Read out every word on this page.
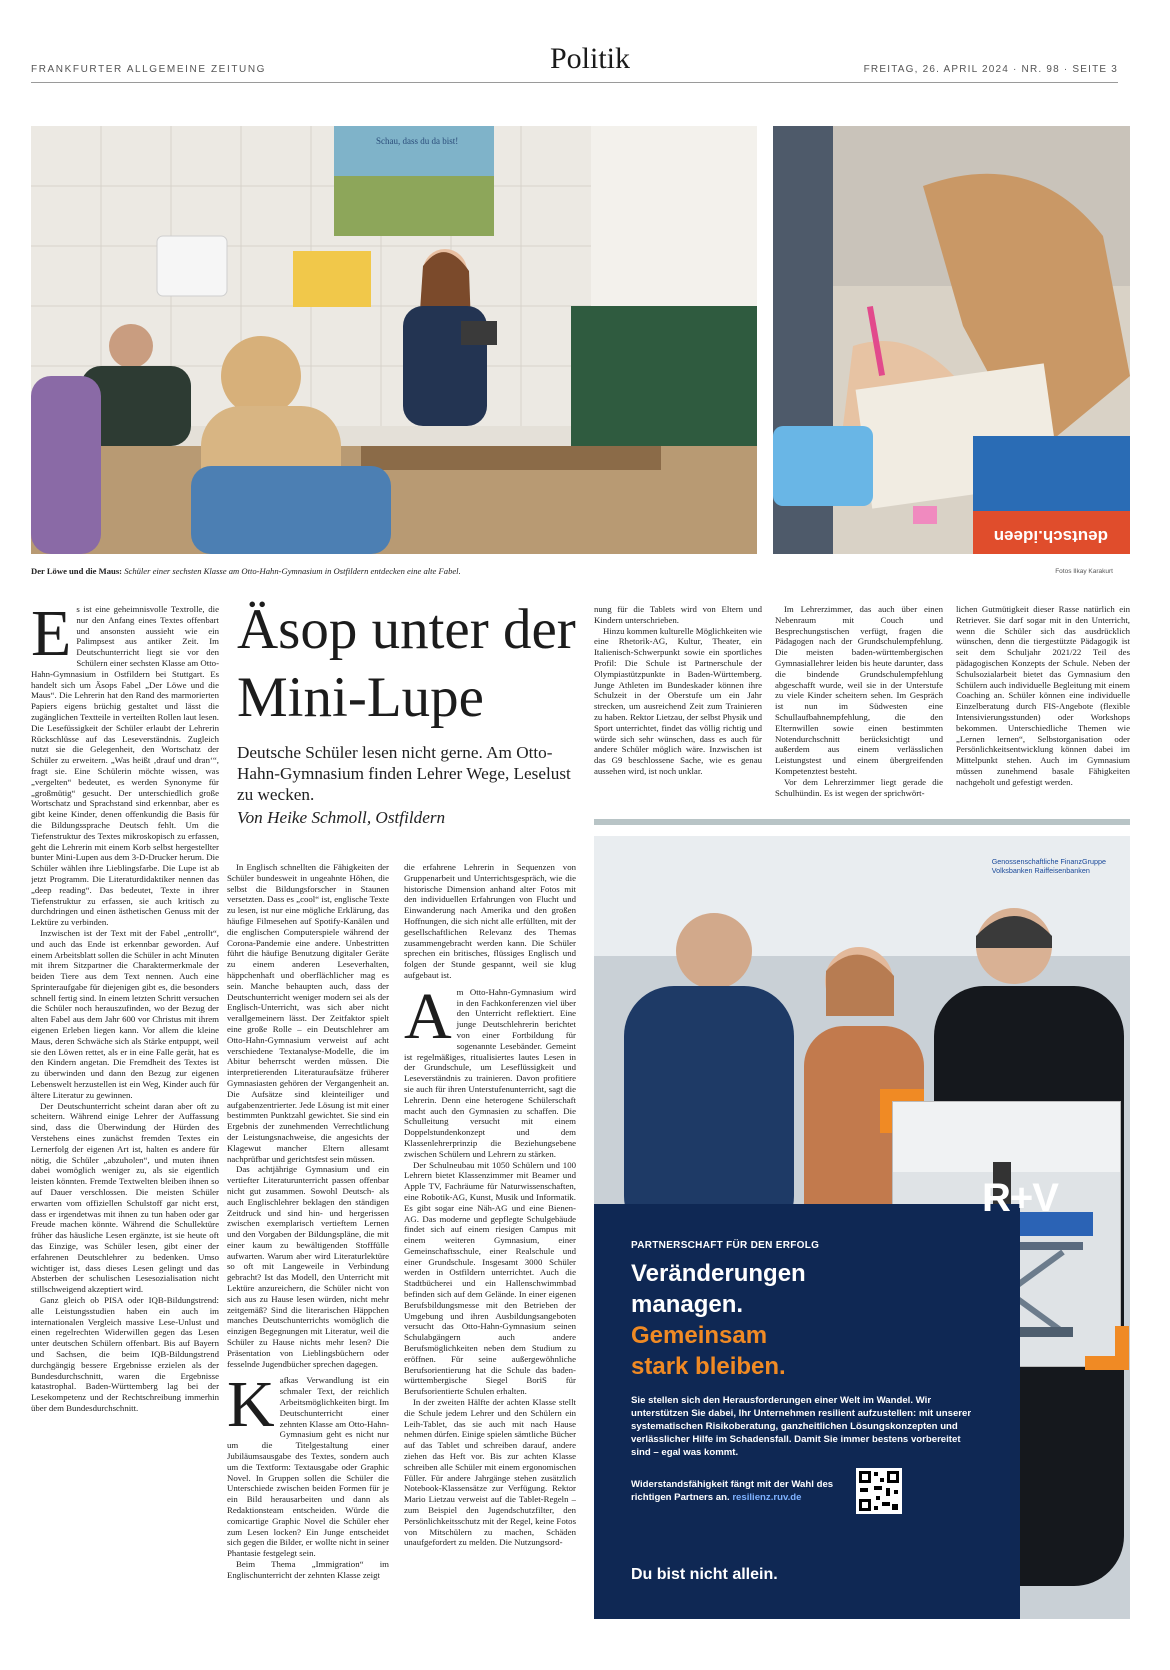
FRANKFURTER ALLGEMEINE ZEITUNG	Politik	FREITAG, 26. APRIL 2024 · NR. 98 · SEITE 3
Schau, dass du da bist!
deutsch.ideen
Der Löwe und die Maus: Schüler einer sechsten Klasse am Otto-Hahn-Gymnasium in Ostfildern entdecken eine alte Fabel.	Fotos Ilkay Karakurt
Äsop unter der Mini-Lupe
Deutsche Schüler lesen nicht gerne. Am Otto-Hahn-Gymnasium finden Lehrer Wege, Leselust zu wecken.
Von Heike Schmoll, Ostfildern

Es ist eine geheimnisvolle Textrolle, die nur den Anfang eines Textes offenbart und ansonsten aussieht wie ein Palimpsest aus antiker Zeit. Im Deutschunterricht liegt sie vor den Schülern einer sechsten Klasse am Otto-Hahn-Gymnasium in Ostfildern bei Stuttgart. Es handelt sich um Äsops Fabel „Der Löwe und die Maus“. Die Lehrerin hat den Rand des marmorierten Papiers eigens brüchig gestaltet und lässt die zugänglichen Textteile in verteilten Rollen laut lesen. Die Lesefüssigkeit der Schüler erlaubt der Lehrerin Rückschlüsse auf das Leseverständnis. Zugleich nutzt sie die Gelegenheit, den Wortschatz der Schüler zu erweitern. „Was heißt ‚drauf und dran‘“, fragt sie. Eine Schülerin möchte wissen, was „vergelten“ bedeutet, es werden Synonyme für „großmütig“ gesucht. Der unterschiedlich große Wortschatz und Sprachstand sind erkennbar, aber es gibt keine Kinder, denen offenkundig die Basis für die Bildungssprache Deutsch fehlt. Um die Tiefenstruktur des Textes mikroskopisch zu erfassen, geht die Lehrerin mit einem Korb selbst hergestellter bunter Mini-Lupen aus dem 3-D-Drucker herum. Die Schüler wählen ihre Lieblingsfarbe. Die Lupe ist ab jetzt Programm. Die Literaturdidaktiker nennen das „deep reading“. Das bedeutet, Texte in ihrer Tiefenstruktur zu erfassen, sie auch kritisch zu durchdringen und einen ästhetischen Genuss mit der Lektüre zu verbinden.

Inzwischen ist der Text mit der Fabel „entrollt“, und auch das Ende ist erkennbar geworden. Auf einem Arbeitsblatt sollen die Schüler in acht Minuten mit ihrem Sitzpartner die Charaktermerkmale der beiden Tiere aus dem Text nennen. Auch eine Sprinteraufgabe für diejenigen gibt es, die besonders schnell fertig sind. In einem letzten Schritt versuchen die Schüler noch herauszufinden, wo der Bezug der alten Fabel aus dem Jahr 600 vor Christus mit ihrem eigenen Erleben liegen kann. Vor allem die kleine Maus, deren Schwäche sich als Stärke entpuppt, weil sie den Löwen rettet, als er in eine Falle gerät, hat es den Kindern angetan. Die Fremdheit des Textes ist zu überwinden und dann den Bezug zur eigenen Lebenswelt herzustellen ist ein Weg, Kinder auch für ältere Literatur zu gewinnen.

Der Deutschunterricht scheint daran aber oft zu scheitern. Während einige Lehrer der Auffassung sind, dass die Überwindung der Hürden des Verstehens eines zunächst fremden Textes ein Lernerfolg der eigenen Art ist, halten es andere für nötig, die Schüler „abzuholen“, und muten ihnen dabei womöglich weniger zu, als sie eigentlich leisten könnten. Fremde Textwelten bleiben ihnen so auf Dauer verschlossen. Die meisten Schüler erwarten vom offiziellen Schulstoff gar nicht erst, dass er irgendetwas mit ihnen zu tun haben oder gar Freude machen könnte. Während die Schullektüre früher das häusliche Lesen ergänzte, ist sie heute oft das Einzige, was Schüler lesen, gibt einer der erfahrenen Deutschlehrer zu bedenken. Umso wichtiger ist, dass dieses Lesen gelingt und das Absterben der schulischen Lesesozialisation nicht stillschweigend akzeptiert wird.

Ganz gleich ob PISA oder IQB-Bildungstrend: alle Leistungsstudien haben ein auch im internationalen Vergleich massive Lese-Unlust und einen regelrechten Widerwillen gegen das Lesen unter deutschen Schülern offenbart. Bis auf Bayern und Sachsen, die beim IQB-Bildungstrend durchgängig bessere Ergebnisse erzielen als der Bundesdurchschnitt, waren die Ergebnisse katastrophal. Baden-Württemberg lag bei der Lesekompetenz und der Rechtschreibung immerhin über dem Bundesdurchschnitt.

In Englisch schnellten die Fähigkeiten der Schüler bundesweit in ungeahnte Höhen, die selbst die Bildungsforscher in Staunen versetzten. Dass es „cool“ ist, englische Texte zu lesen, ist nur eine mögliche Erklärung, das häufige Filmesehen auf Spotify-Kanälen und die englischen Computerspiele während der Corona-Pandemie eine andere. Unbestritten führt die häufige Benutzung digitaler Geräte zu einem anderen Leseverhalten, häppchenhaft und oberflächlicher mag es sein. Manche behaupten auch, dass der Deutschunterricht weniger modern sei als der Englisch-Unterricht, was sich aber nicht verallgemeinern lässt. Der Zeitfaktor spielt eine große Rolle – ein Deutschlehrer am Otto-Hahn-Gymnasium verweist auf acht verschiedene Textanalyse-Modelle, die im Abitur beherrscht werden müssen. Die interpretierenden Literaturaufsätze früherer Gymnasiasten gehören der Vergangenheit an. Die Aufsätze sind kleinteiliger und aufgabenzentrierter. Jede Lösung ist mit einer bestimmten Punktzahl gewichtet. Sie sind ein Ergebnis der zunehmenden Verrechtlichung der Leistungsnachweise, die angesichts der Klagewut mancher Eltern allesamt nachprüfbar und gerichtsfest sein müssen.

Das achtjährige Gymnasium und ein vertiefter Literaturunterricht passen offenbar nicht gut zusammen. Sowohl Deutsch- als auch Englischlehrer beklagen den ständigen Zeitdruck und sind hin- und hergerissen zwischen exemplarisch vertieftem Lernen und den Vorgaben der Bildungspläne, die mit einer kaum zu bewältigenden Stofffülle aufwarten. Warum aber wird Literaturlektüre so oft mit Langeweile in Verbindung gebracht? Ist das Modell, den Unterricht mit Lektüre anzureichern, die Schüler nicht von sich aus zu Hause lesen würden, nicht mehr zeitgemäß? Sind die literarischen Häppchen manches Deutschunterrichts womöglich die einzigen Begegnungen mit Literatur, weil die Schüler zu Hause nichts mehr lesen? Die Präsentation von Lieblingsbüchern oder fesselnde Jugendbücher sprechen dagegen.

Kafkas Verwandlung ist ein schmaler Text, der reichlich Arbeitsmöglichkeiten birgt. Im Deutschunterricht einer zehnten Klasse am Otto-Hahn-Gymnasium geht es nicht nur um die Titelgestaltung einer Jubiläumsausgabe des Textes, sondern auch um die Textform: Textausgabe oder Graphic Novel. In Gruppen sollen die Schüler die Unterschiede zwischen beiden Formen für je ein Bild herausarbeiten und dann als Redaktionsteam entscheiden. Würde die comicartige Graphic Novel die Schüler eher zum Lesen locken? Ein Junge entscheidet sich gegen die Bilder, er wollte nicht in seiner Phantasie festgelegt sein.

Beim Thema „Immigration“ im Englischunterricht der zehnten Klasse zeigt

die erfahrene Lehrerin in Sequenzen von Gruppenarbeit und Unterrichtsgespräch, wie die historische Dimension anhand alter Fotos mit den individuellen Erfahrungen von Flucht und Einwanderung nach Amerika und den großen Hoffnungen, die sich nicht alle erfüllten, mit der gesellschaftlichen Relevanz des Themas zusammengebracht werden kann. Die Schüler sprechen ein britisches, flüssiges Englisch und folgen der Stunde gespannt, weil sie klug aufgebaut ist.

Am Otto-Hahn-Gymnasium wird in den Fachkonferenzen viel über den Unterricht reflektiert. Eine junge Deutschlehrerin berichtet von einer Fortbildung für sogenannte Lesebänder. Gemeint ist regelmäßiges, ritualisiertes lautes Lesen in der Grundschule, um Leseflüssigkeit und Leseverständnis zu trainieren. Davon profitiere sie auch für ihren Unterstufenunterricht, sagt die Lehrerin. Denn eine heterogene Schülerschaft macht auch den Gymnasien zu schaffen. Die Schulleitung versucht mit einem Doppelstundenkonzept und dem Klassenlehrerprinzip die Beziehungsebene zwischen Schülern und Lehrern zu stärken.

Der Schulneubau mit 1050 Schülern und 100 Lehrern bietet Klassenzimmer mit Beamer und Apple TV, Fachräume für Naturwissenschaften, eine Robotik-AG, Kunst, Musik und Informatik. Es gibt sogar eine Näh-AG und eine Bienen-AG. Das moderne und gepflegte Schulgebäude findet sich auf einem riesigen Campus mit einem weiteren Gymnasium, einer Gemeinschaftsschule, einer Realschule und einer Grundschule. Insgesamt 3000 Schüler werden in Ostfildern unterrichtet. Auch die Stadtbücherei und ein Hallenschwimmbad befinden sich auf dem Gelände. In einer eigenen Berufsbildungsmesse mit den Betrieben der Umgebung und ihren Ausbildungsangeboten versucht das Otto-Hahn-Gymnasium seinen Schulabgängern auch andere Berufsmöglichkeiten neben dem Studium zu eröffnen. Für seine außergewöhnliche Berufsorientierung hat die Schule das baden-württembergische Siegel BoriS für Berufsorientierte Schulen erhalten.

In der zweiten Hälfte der achten Klasse stellt die Schule jedem Lehrer und den Schülern ein Leih-Tablet, das sie auch mit nach Hause nehmen dürfen. Einige spielen sämtliche Bücher auf das Tablet und schreiben darauf, andere ziehen das Heft vor. Bis zur achten Klasse schreiben alle Schüler mit einem ergonomischen Füller. Für andere Jahrgänge stehen zusätzlich Notebook-Klassensätze zur Verfügung. Rektor Mario Lietzau verweist auf die Tablet-Regeln – zum Beispiel den Jugendschutzfilter, den Persönlichkeitsschutz mit der Regel, keine Fotos von Mitschülern zu machen, Schäden unaufgefordert zu melden. Die Nutzungsord-

nung für die Tablets wird von Eltern und Kindern unterschrieben.

Hinzu kommen kulturelle Möglichkeiten wie eine Rhetorik-AG, Kultur, Theater, ein Italienisch-Schwerpunkt sowie ein sportliches Profil: Die Schule ist Partnerschule der Olympiastützpunkte in Baden-Württemberg. Junge Athleten im Bundeskader können ihre Schulzeit in der Oberstufe um ein Jahr strecken, um ausreichend Zeit zum Trainieren zu haben. Rektor Lietzau, der selbst Physik und Sport unterrichtet, findet das völlig richtig und würde sich sehr wünschen, dass es auch für andere Schüler möglich wäre. Inzwischen ist das G9 beschlossene Sache, wie es genau aussehen wird, ist noch unklar.

Im Lehrerzimmer, das auch über einen Nebenraum mit Couch und Besprechungstischen verfügt, fragen die Pädagogen nach der Grundschulempfehlung. Die meisten baden-württembergischen Gymnasiallehrer leiden bis heute darunter, dass die bindende Grundschulempfehlung abgeschafft wurde, weil sie in der Unterstufe zu viele Kinder scheitern sehen. Im Gespräch ist nun im Südwesten eine Schullaufbahnempfehlung, die den Elternwillen sowie einen bestimmten Notendurchschnitt berücksichtigt und außerdem aus einem verlässlichen Leistungstest und einem übergreifenden Kompetenztest besteht.

Vor dem Lehrerzimmer liegt gerade die Schulhündin. Es ist wegen der sprichwört-

lichen Gutmütigkeit dieser Rasse natürlich ein Retriever. Sie darf sogar mit in den Unterricht, wenn die Schüler sich das ausdrücklich wünschen, denn die tiergestützte Pädagogik ist seit dem Schuljahr 2021/22 Teil des pädagogischen Konzepts der Schule. Neben der Schulsozialarbeit bietet das Gymnasium den Schülern auch individuelle Begleitung mit einem Coaching an. Schüler können eine individuelle Einzelberatung durch FIS-Angebote (flexible Intensivierungsstunden) oder Workshops bekommen. Unterschiedliche Themen wie „Lernen lernen“, Selbstorganisation oder Persönlichkeitsentwicklung können dabei im Mittelpunkt stehen. Auch im Gymnasium müssen zunehmend basale Fähigkeiten nachgeholt und gefestigt werden.

Genossenschaftliche FinanzGruppe
Volksbanken Raiffeisenbanken
PARTNERSCHAFT FÜR DEN ERFOLG
Veränderungen
managen.
Gemeinsam
stark bleiben.
Sie stellen sich den Herausforderungen einer Welt im Wandel. Wir unterstützen Sie dabei, Ihr Unternehmen resilient aufzustellen: mit unserer systematischen Risikoberatung, ganzheitlichen Lösungskonzepten und verlässlicher Hilfe im Schadensfall. Damit Sie immer bestens vorbereitet sind – egal was kommt.
Widerstandsfähigkeit fängt mit der Wahl des richtigen Partners an. resilienz.ruv.de
Du bist nicht allein.
R+V
